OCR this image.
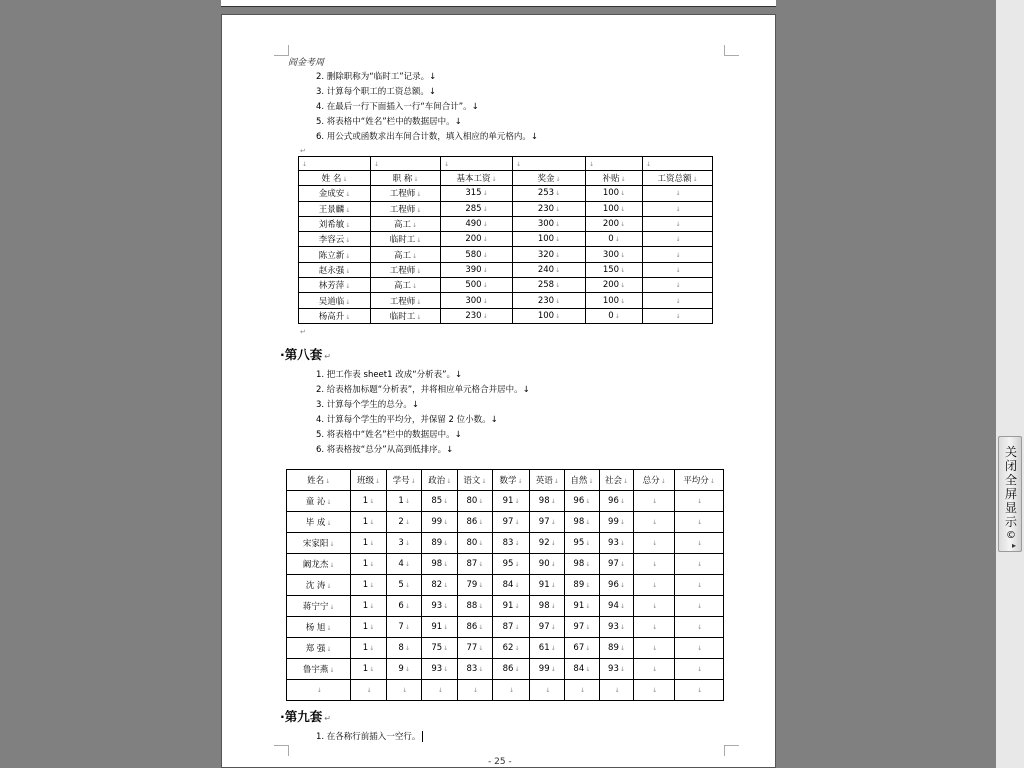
阎金考周
2. 删除职称为“临时工”记录。↓
3. 计算每个职工的工资总额。↓
4. 在最后一行下面插入一行“车间合计”。↓
5. 将表格中“姓名”栏中的数据居中。↓
6. 用公式或函数求出车间合计数，填入相应的单元格内。↓
↵
↓	↓	↓	↓	↓	↓
姓 名↓	职 称↓	基本工资↓	奖金↓	补贴↓	工资总额↓
金成安↓	工程师↓	315↓	253↓	100↓	↓
王景麟↓	工程师↓	285↓	230↓	100↓	↓
刘希敏↓	高工↓	490↓	300↓	200↓	↓
李容云↓	临时工↓	200↓	100↓	0↓	↓
陈立新↓	高工↓	580↓	320↓	300↓	↓
赵永强↓	工程师↓	390↓	240↓	150↓	↓
林芳萍↓	高工↓	500↓	258↓	200↓	↓
吴道临↓	工程师↓	300↓	230↓	100↓	↓
杨高升↓	临时工↓	230↓	100↓	0↓	↓
↵
·第八套 ↵
1. 把工作表 sheet1 改成“分析表”。↓
2. 给表格加标题“分析表”，并将相应单元格合并居中。↓
3. 计算每个学生的总分。↓
4. 计算每个学生的平均分，并保留 2 位小数。↓
5. 将表格中“姓名”栏中的数据居中。↓
6. 将表格按“总分”从高到低排序。↓
姓名↓	班级↓	学号↓	政治↓	语文↓	数学↓	英语↓	自然↓	社会↓	总分↓	平均分↓
童 沁↓	1↓	1↓	85↓	80↓	91↓	98↓	96↓	96↓	↓	↓
毕 成↓	1↓	2↓	99↓	86↓	97↓	97↓	98↓	99↓	↓	↓
宋家阳↓	1↓	3↓	89↓	80↓	83↓	92↓	95↓	93↓	↓	↓
阚龙杰↓	1↓	4↓	98↓	87↓	95↓	90↓	98↓	97↓	↓	↓
沈 涛↓	1↓	5↓	82↓	79↓	84↓	91↓	89↓	96↓	↓	↓
蒋宁宁↓	1↓	6↓	93↓	88↓	91↓	98↓	91↓	94↓	↓	↓
杨 旭↓	1↓	7↓	91↓	86↓	87↓	97↓	97↓	93↓	↓	↓
郑 强↓	1↓	8↓	75↓	77↓	62↓	61↓	67↓	89↓	↓	↓
鲁宇燕↓	1↓	9↓	93↓	83↓	86↓	99↓	84↓	93↓	↓	↓
↓	↓	↓	↓	↓	↓	↓	↓	↓	↓	↓
·第九套 ↵
1. 在各称行前插入一空行。
- 25 -
关
闭
全
屏
显
示
©
▸
